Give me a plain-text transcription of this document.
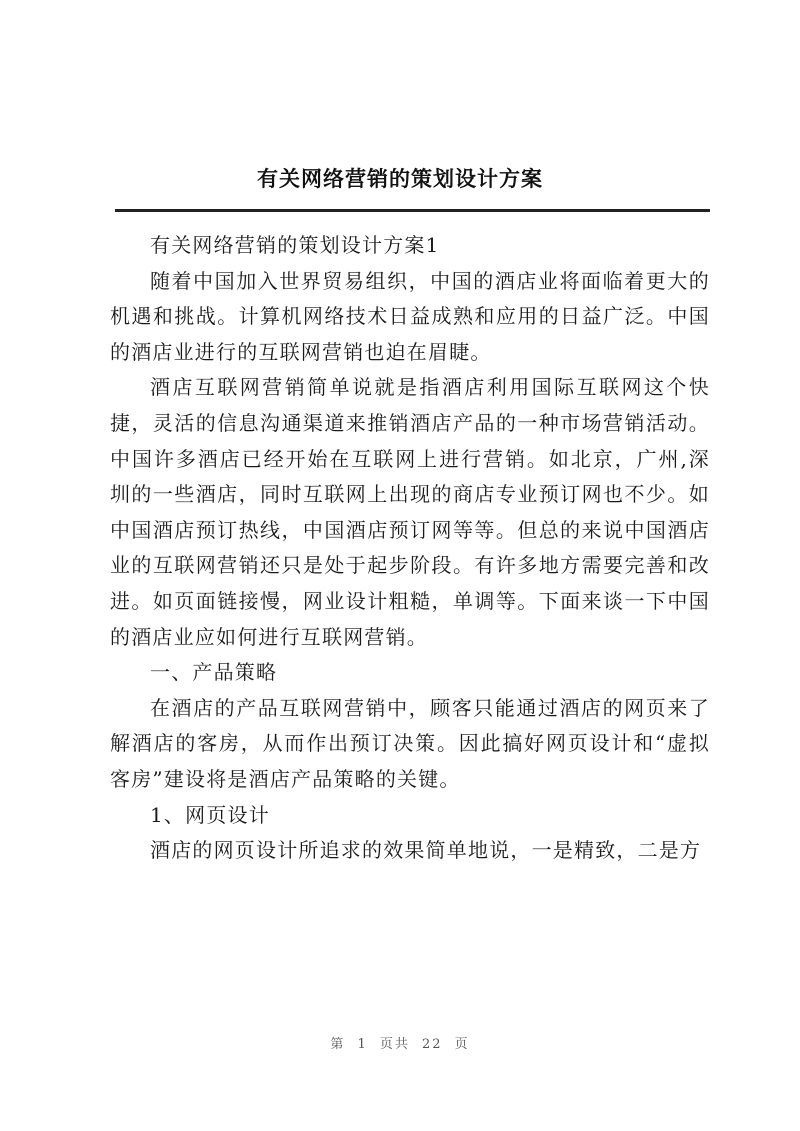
有关网络营销的策划设计方案

有关网络营销的策划设计方案1

随着中国加入世界贸易组织，中国的酒店业将面临着更大的机遇和挑战。计算机网络技术日益成熟和应用的日益广泛。中国的酒店业进行的互联网营销也迫在眉睫。

酒店互联网营销简单说就是指酒店利用国际互联网这个快捷，灵活的信息沟通渠道来推销酒店产品的一种市场营销活动。中国许多酒店已经开始在互联网上进行营销。如北京，广州,深圳的一些酒店，同时互联网上出现的商店专业预订网也不少。如中国酒店预订热线，中国酒店预订网等等。但总的来说中国酒店业的互联网营销还只是处于起步阶段。有许多地方需要完善和改进。如页面链接慢，网业设计粗糙，单调等。下面来谈一下中国的酒店业应如何进行互联网营销。

一、产品策略

在酒店的产品互联网营销中，顾客只能通过酒店的网页来了解酒店的客房，从而作出预订决策。因此搞好网页设计和“虚拟客房”建设将是酒店产品策略的关键。

1、网页设计

酒店的网页设计所追求的效果简单地说，一是精致，二是方

第 1 页共 22 页
